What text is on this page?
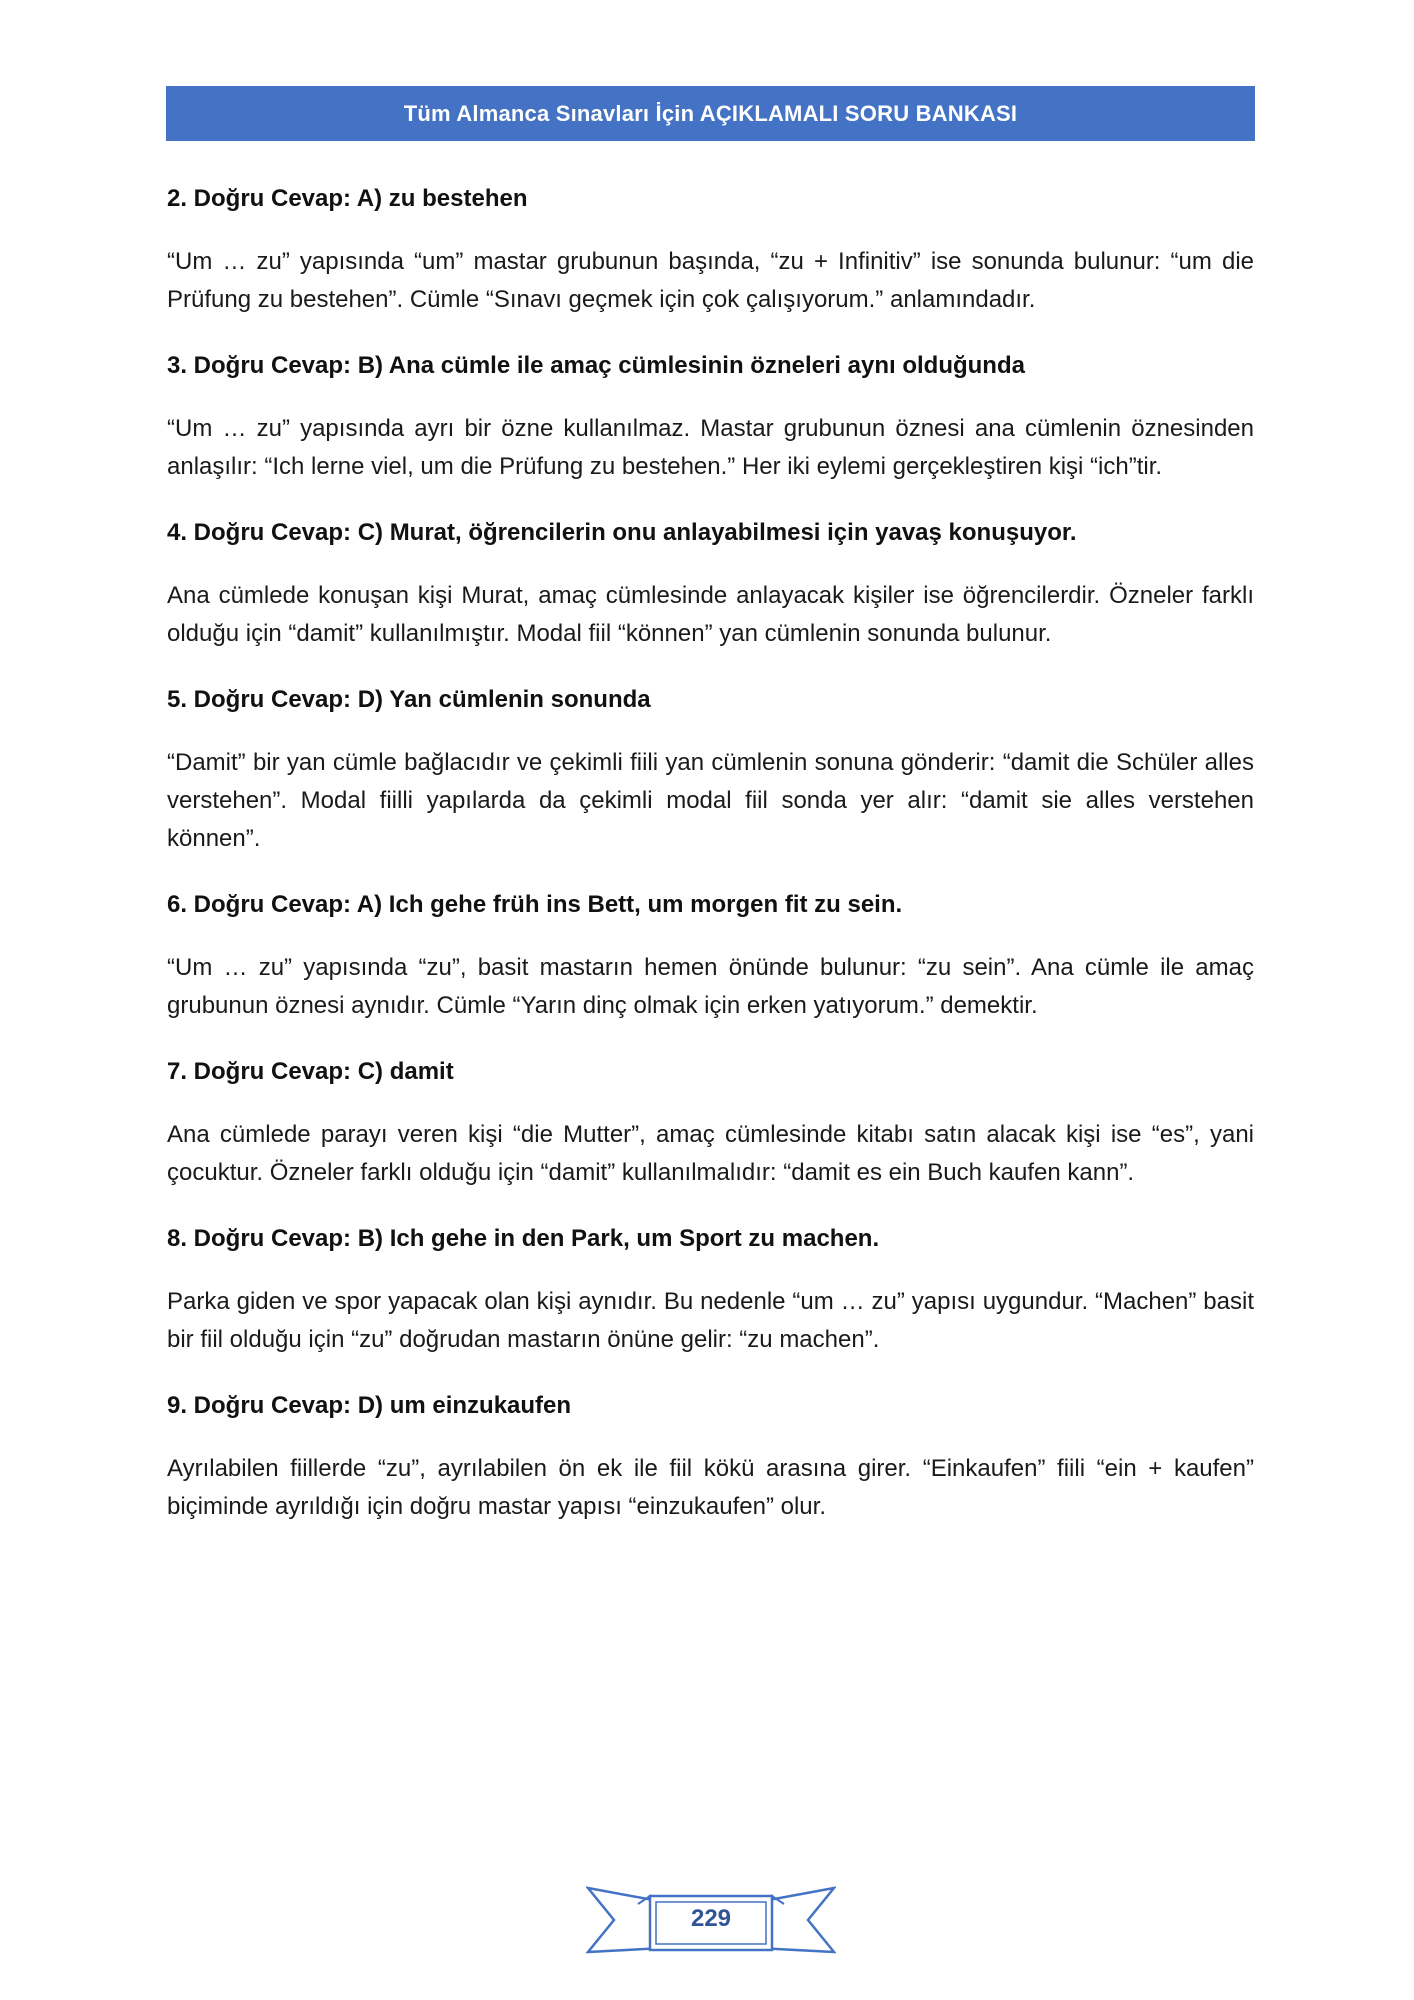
Tüm Almanca Sınavları İçin AÇIKLAMALI SORU BANKASI
2. Doğru Cevap: A) zu bestehen
“Um … zu” yapısında “um” mastar grubunun başında, “zu + Infinitiv” ise sonunda bulunur: “um die Prüfung zu bestehen”. Cümle “Sınavı geçmek için çok çalışıyorum.” anlamındadır.
3. Doğru Cevap: B) Ana cümle ile amaç cümlesinin özneleri aynı olduğunda
“Um … zu” yapısında ayrı bir özne kullanılmaz. Mastar grubunun öznesi ana cümlenin öznesinden anlaşılır: “Ich lerne viel, um die Prüfung zu bestehen.” Her iki eylemi gerçekleştiren kişi “ich”tir.
4. Doğru Cevap: C) Murat, öğrencilerin onu anlayabilmesi için yavaş konuşuyor.
Ana cümlede konuşan kişi Murat, amaç cümlesinde anlayacak kişiler ise öğrencilerdir. Özneler farklı olduğu için “damit” kullanılmıştır. Modal fiil “können” yan cümlenin sonunda bulunur.
5. Doğru Cevap: D) Yan cümlenin sonunda
“Damit” bir yan cümle bağlacıdır ve çekimli fiili yan cümlenin sonuna gönderir: “damit die Schüler alles verstehen”. Modal fiilli yapılarda da çekimli modal fiil sonda yer alır: “damit sie alles verstehen können”.
6. Doğru Cevap: A) Ich gehe früh ins Bett, um morgen fit zu sein.
“Um … zu” yapısında “zu”, basit mastarın hemen önünde bulunur: “zu sein”. Ana cümle ile amaç grubunun öznesi aynıdır. Cümle “Yarın dinç olmak için erken yatıyorum.” demektir.
7. Doğru Cevap: C) damit
Ana cümlede parayı veren kişi “die Mutter”, amaç cümlesinde kitabı satın alacak kişi ise “es”, yani çocuktur. Özneler farklı olduğu için “damit” kullanılmalıdır: “damit es ein Buch kaufen kann”.
8. Doğru Cevap: B) Ich gehe in den Park, um Sport zu machen.
Parka giden ve spor yapacak olan kişi aynıdır. Bu nedenle “um … zu” yapısı uygundur. “Machen” basit bir fiil olduğu için “zu” doğrudan mastarın önüne gelir: “zu machen”.
9. Doğru Cevap: D) um einzukaufen
Ayrılabilen fiillerde “zu”, ayrılabilen ön ek ile fiil kökü arasına girer. “Einkaufen” fiili “ein + kaufen” biçiminde ayrıldığı için doğru mastar yapısı “einzukaufen” olur.
229
